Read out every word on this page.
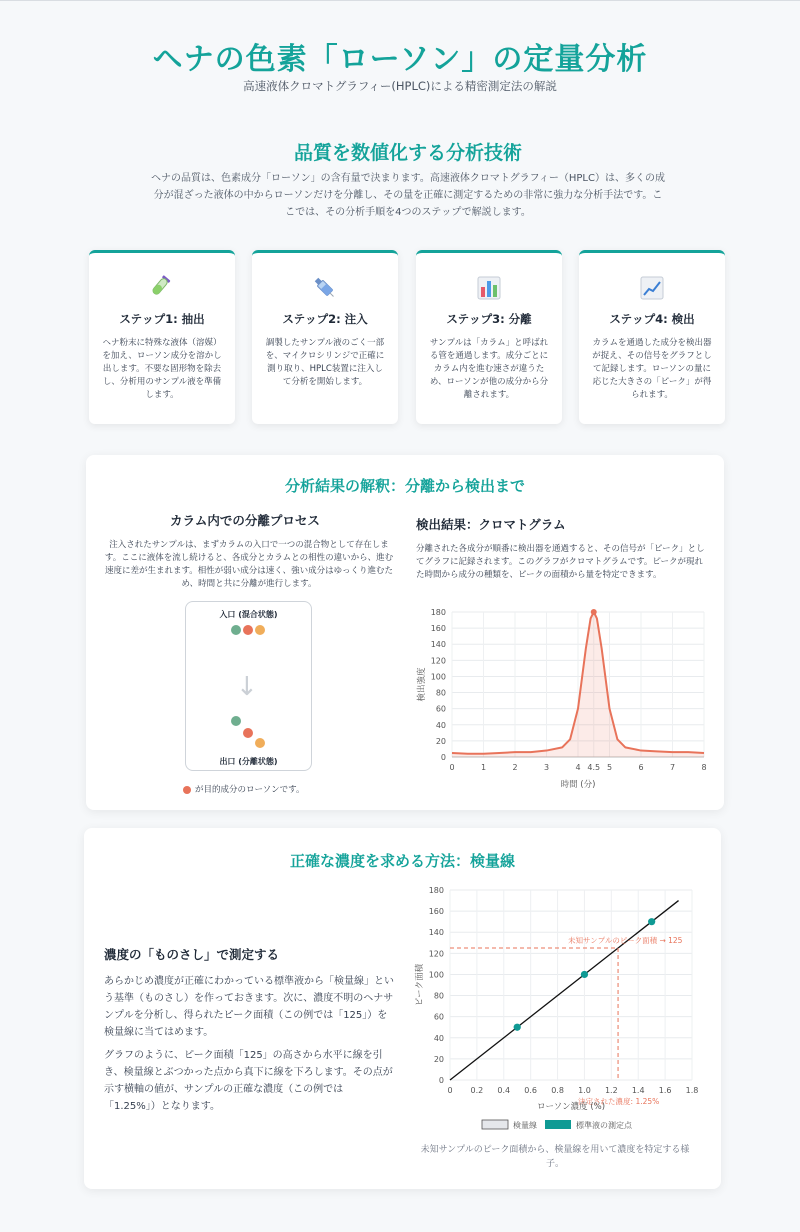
ヘナの色素「ローソン」の定量分析
高速液体クロマトグラフィー(HPLC)による精密測定法の解説
品質を数値化する分析技術
ヘナの品質は、色素成分「ローソン」の含有量で決まります。高速液体クロマトグラフィー（HPLC）は、多くの成分が混ざった液体の中からローソンだけを分離し、その量を正確に測定するための非常に強力な分析手法です。ここでは、その分析手順を4つのステップで解説します。
ステップ1: 抽出
ヘナ粉末に特殊な液体（溶媒）を加え、ローソン成分を溶かし出します。不要な固形物を除去し、分析用のサンプル液を準備します。
ステップ2: 注入
調製したサンプル液のごく一部を、マイクロシリンジで正確に測り取り、HPLC装置に注入して分析を開始します。
ステップ3: 分離
サンプルは「カラム」と呼ばれる管を通過します。成分ごとにカラム内を進む速さが違うため、ローソンが他の成分から分離されます。
ステップ4: 検出
カラムを通過した成分を検出器が捉え、その信号をグラフとして記録します。ローソンの量に応じた大きさの「ピーク」が得られます。
分析結果の解釈：分離から検出まで
カラム内での分離プロセス
注入されたサンプルは、まずカラムの入口で一つの混合物として存在します。ここに液体を流し続けると、各成分とカラムとの相性の違いから、進む速度に差が生まれます。相性が弱い成分は速く、強い成分はゆっくり進むため、時間と共に分離が進行します。
入口 (混合状態)
出口 (分離状態)
↓
が目的成分のローソンです。
検出結果：クロマトグラム
分離された各成分が順番に検出器を通過すると、その信号が「ピーク」としてグラフに記録されます。このグラフがクロマトグラムです。ピークが現れた時間から成分の種類を、ピークの面積から量を特定できます。
0
20
40
60
80
100
120
140
160
180
0	1	2	3	4 4.5 5	6	7	8
時間 (分)
検出強度
正確な濃度を求める方法：検量線
濃度の「ものさし」で測定する
あらかじめ濃度が正確にわかっている標準液から「検量線」という基準（ものさし）を作っておきます。次に、濃度不明のヘナサンプルを分析し、得られたピーク面積（この例では「125」）を検量線に当てはめます。
グラフのように、ピーク面積「125」の高さから水平に線を引き、検量線とぶつかった点から真下に線を下ろします。その点が示す横軸の値が、サンプルの正確な濃度（この例では「1.25%」）となります。
0
20
40
60
80
100
120
140
160
180
0 0.2 0.4 0.6 0.8 1.0 1.2 1.4 1.6 1.8
未知サンプルのピーク面積 → 125
決定された濃度: 1.25%
ローソン濃度 (%)
ピーク面積
検量線	標準液の測定点
未知サンプルのピーク面積から、検量線を用いて濃度を特定する様子。
